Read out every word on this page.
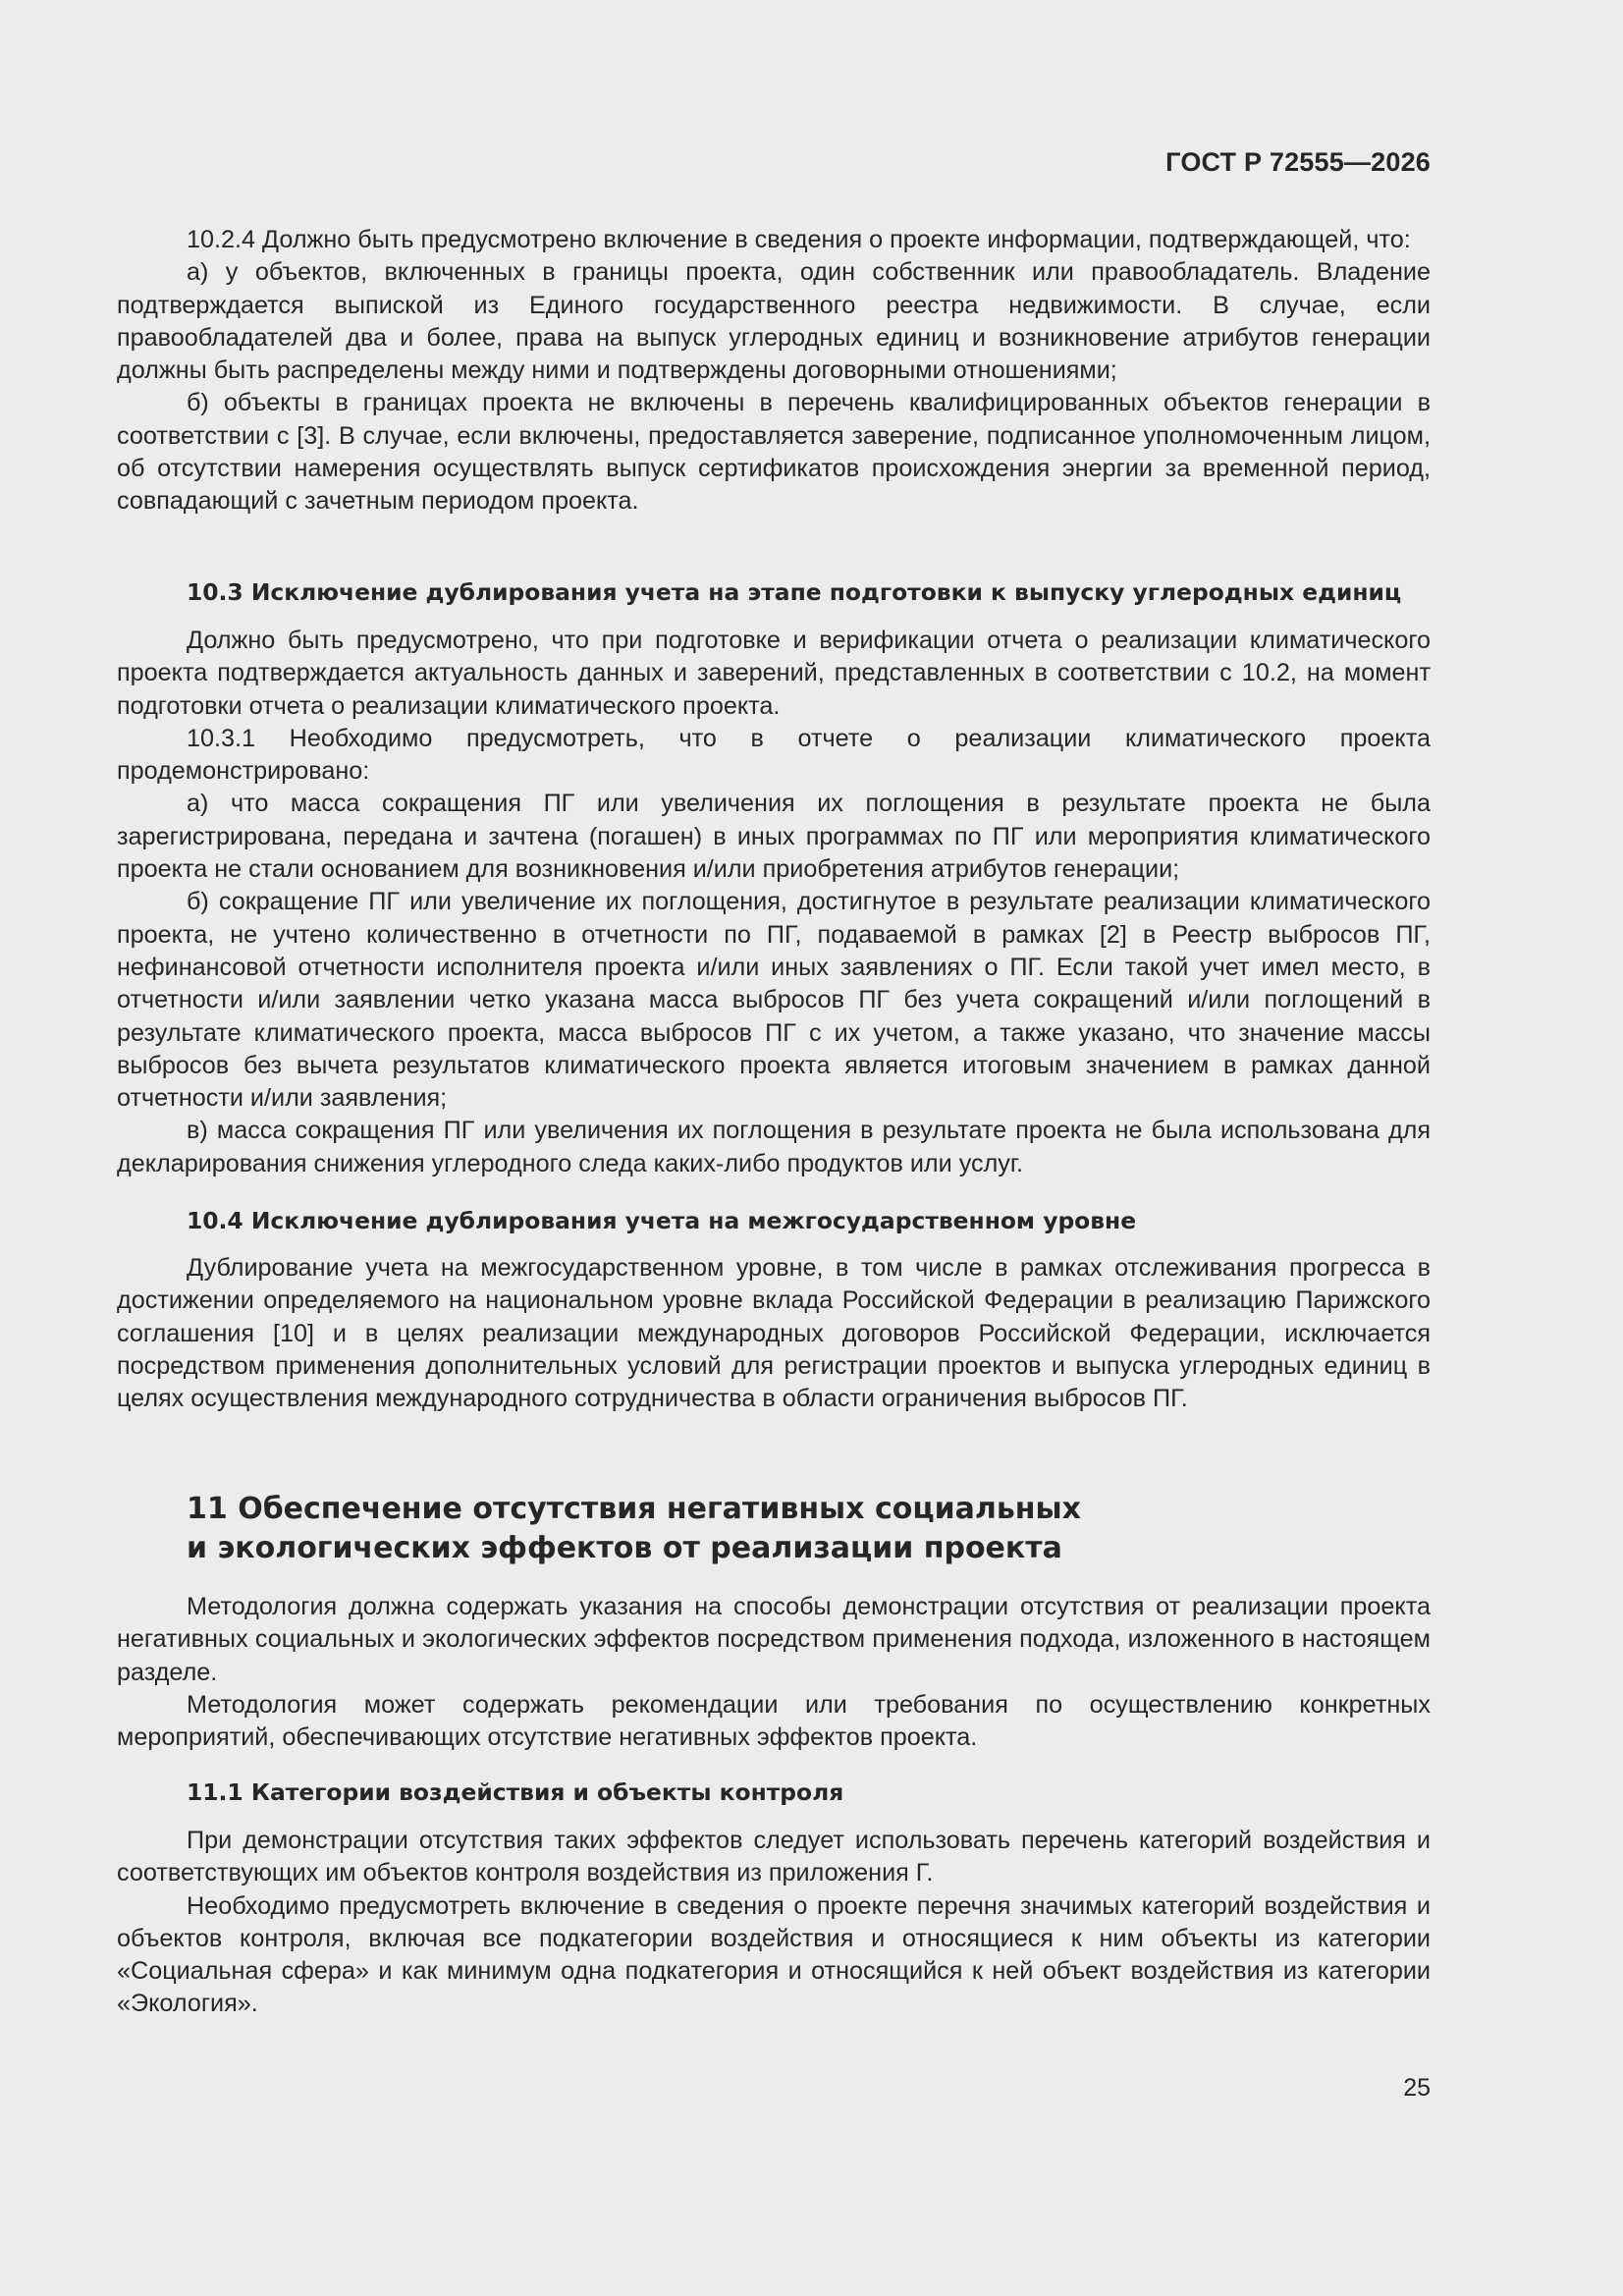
ГОСТ Р 72555—2026

10.2.4 Должно быть предусмотрено включение в сведения о проекте информации, подтверждающей, что:

а) у объектов, включенных в границы проекта, один собственник или правообладатель. Владение подтверждается выпиской из Единого государственного реестра недвижимости. В случае, если правообладателей два и более, права на выпуск углеродных единиц и возникновение атрибутов генерации должны быть распределены между ними и подтверждены договорными отношениями;

б) объекты в границах проекта не включены в перечень квалифицированных объектов генерации в соответствии с [3]. В случае, если включены, предоставляется заверение, подписанное уполномоченным лицом, об отсутствии намерения осуществлять выпуск сертификатов происхождения энергии за временной период, совпадающий с зачетным периодом проекта.

10.3 Исключение дублирования учета на этапе подготовки к выпуску углеродных единиц

Должно быть предусмотрено, что при подготовке и верификации отчета о реализации климатического проекта подтверждается актуальность данных и заверений, представленных в соответствии с 10.2, на момент подготовки отчета о реализации климатического проекта.

10.3.1 Необходимо предусмотреть, что в отчете о реализации климатического проекта продемонстрировано:

а) что масса сокращения ПГ или увеличения их поглощения в результате проекта не была зарегистрирована, передана и зачтена (погашен) в иных программах по ПГ или мероприятия климатического проекта не стали основанием для возникновения и/или приобретения атрибутов генерации;

б) сокращение ПГ или увеличение их поглощения, достигнутое в результате реализации климатического проекта, не учтено количественно в отчетности по ПГ, подаваемой в рамках [2] в Реестр выбросов ПГ, нефинансовой отчетности исполнителя проекта и/или иных заявлениях о ПГ. Если такой учет имел место, в отчетности и/или заявлении четко указана масса выбросов ПГ без учета сокращений и/или поглощений в результате климатического проекта, масса выбросов ПГ с их учетом, а также указано, что значение массы выбросов без вычета результатов климатического проекта является итоговым значением в рамках данной отчетности и/или заявления;

в) масса сокращения ПГ или увеличения их поглощения в результате проекта не была использована для декларирования снижения углеродного следа каких-либо продуктов или услуг.

10.4 Исключение дублирования учета на межгосударственном уровне

Дублирование учета на межгосударственном уровне, в том числе в рамках отслеживания прогресса в достижении определяемого на национальном уровне вклада Российской Федерации в реализацию Парижского соглашения [10] и в целях реализации международных договоров Российской Федерации, исключается посредством применения дополнительных условий для регистрации проектов и выпуска углеродных единиц в целях осуществления международного сотрудничества в области ограничения выбросов ПГ.

11 Обеспечение отсутствия негативных социальных
и экологических эффектов от реализации проекта

Методология должна содержать указания на способы демонстрации отсутствия от реализации проекта негативных социальных и экологических эффектов посредством применения подхода, изложенного в настоящем разделе.

Методология может содержать рекомендации или требования по осуществлению конкретных мероприятий, обеспечивающих отсутствие негативных эффектов проекта.

11.1 Категории воздействия и объекты контроля

При демонстрации отсутствия таких эффектов следует использовать перечень категорий воздействия и соответствующих им объектов контроля воздействия из приложения Г.

Необходимо предусмотреть включение в сведения о проекте перечня значимых категорий воздействия и объектов контроля, включая все подкатегории воздействия и относящиеся к ним объекты из категории «Социальная сфера» и как минимум одна подкатегория и относящийся к ней объект воздействия из категории «Экология».

25
